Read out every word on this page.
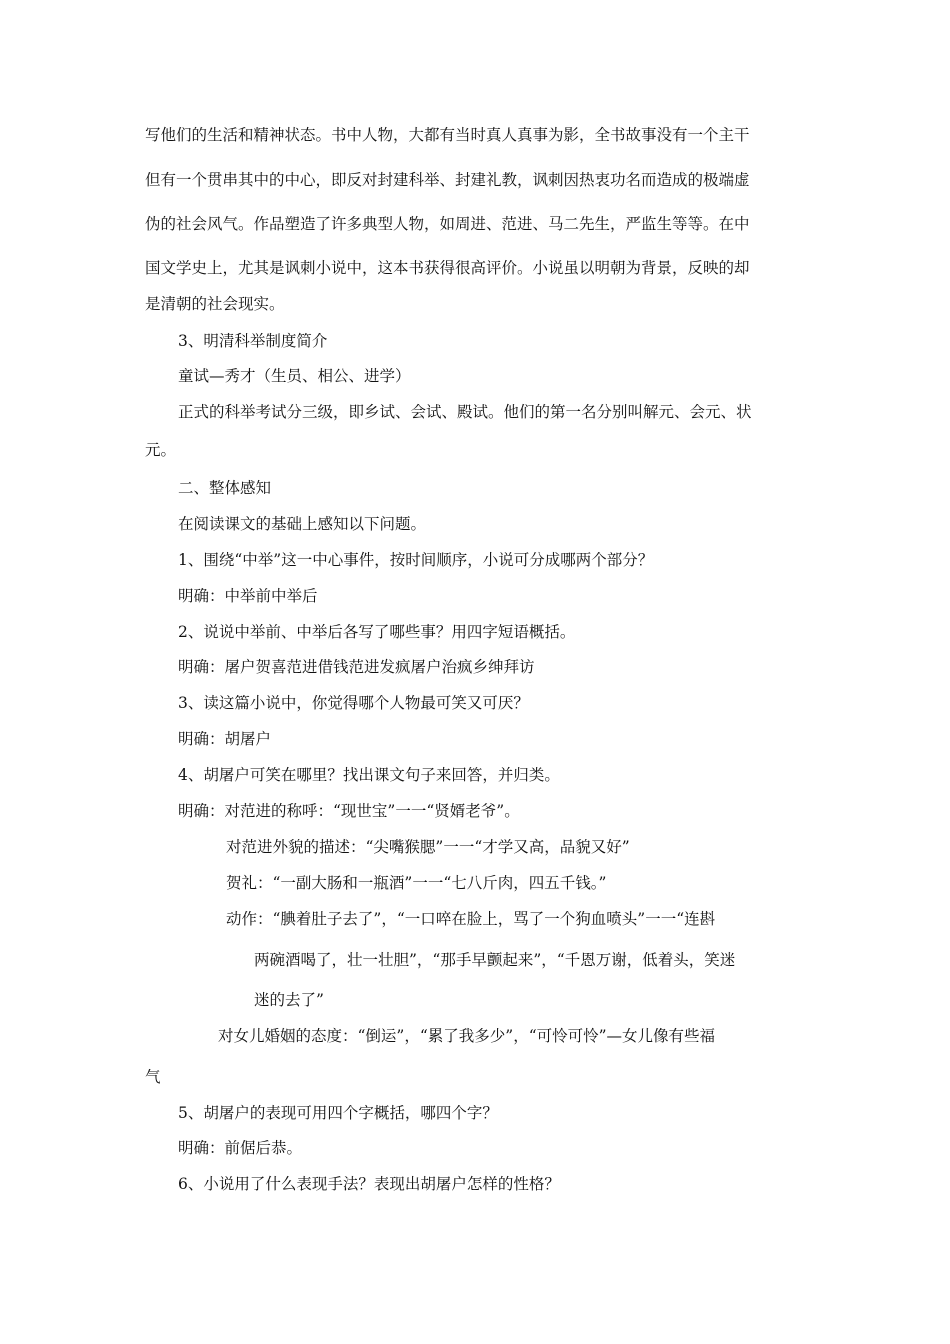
写他们的生活和精神状态。书中人物，大都有当时真人真事为影，全书故事没有一个主干
但有一个贯串其中的中心，即反对封建科举、封建礼教，讽刺因热衷功名而造成的极端虚
伪的社会风气。作品塑造了许多典型人物，如周进、范进、马二先生，严监生等等。在中
国文学史上，尤其是讽刺小说中，这本书获得很高评价。小说虽以明朝为背景，反映的却
是清朝的社会现实。
3、明清科举制度简介
童试—秀才（生员、相公、进学）
正式的科举考试分三级，即乡试、会试、殿试。他们的第一名分别叫解元、会元、状
元。
二、整体感知
在阅读课文的基础上感知以下问题。
1、围绕“中举”这一中心事件，按时间顺序，小说可分成哪两个部分？
明确：中举前中举后
2、说说中举前、中举后各写了哪些事？用四字短语概括。
明确：屠户贺喜范进借钱范进发疯屠户治疯乡绅拜访
3、读这篇小说中，你觉得哪个人物最可笑又可厌？
明确：胡屠户
4、胡屠户可笑在哪里？找出课文句子来回答，并归类。
明确：对范进的称呼：“现世宝”一一“贤婿老爷”。
对范进外貌的描述：“尖嘴猴腮”一一“才学又高，品貌又好”
贺礼：“一副大肠和一瓶酒”一一“七八斤肉，四五千钱。”
动作：“腆着肚子去了”，“一口啐在脸上，骂了一个狗血喷头”一一“连斟
两碗酒喝了，壮一壮胆”，“那手早颤起来”，“千恩万谢，低着头，笑迷
迷的去了”
对女儿婚姻的态度：“倒运”，“累了我多少”，“可怜可怜”—女儿像有些福
气
5、胡屠户的表现可用四个字概括，哪四个字？
明确：前倨后恭。
6、小说用了什么表现手法？表现出胡屠户怎样的性格？
